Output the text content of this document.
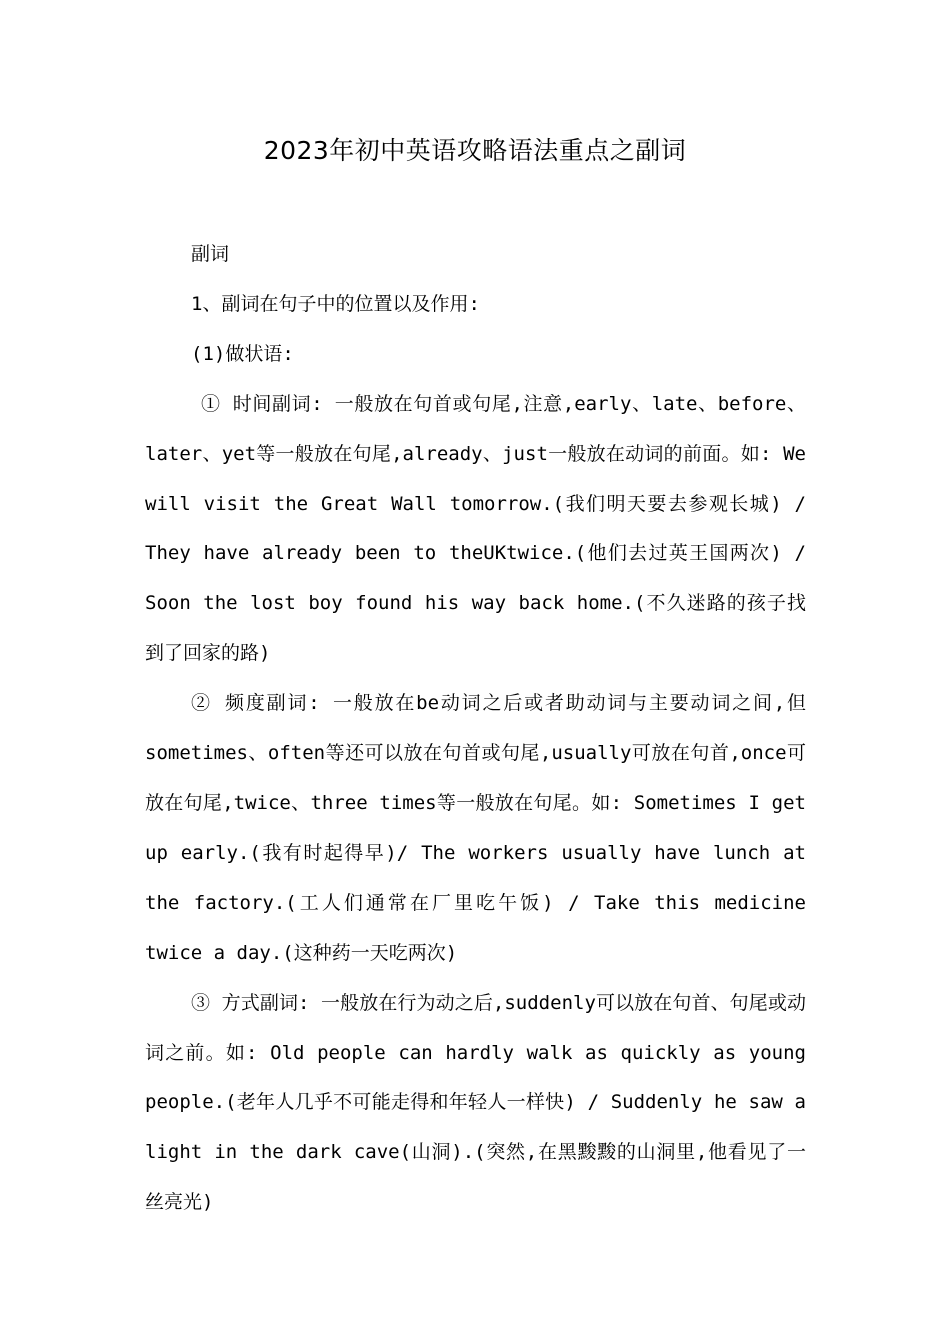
2023年初中英语攻略语法重点之副词

副词

1、副词在句子中的位置以及作用:

(1)做状语:

① 时间副词: 一般放在句首或句尾,注意,early、late、before、later、yet等一般放在句尾,already、just一般放在动词的前面。如: We will visit the Great Wall tomorrow.(我们明天要去参观长城) / They have already been to theUKtwice.(他们去过英王国两次) / Soon the lost boy found his way back home.(不久迷路的孩子找到了回家的路)

② 频度副词: 一般放在be动词之后或者助动词与主要动词之间,但sometimes、often等还可以放在句首或句尾,usually可放在句首,once可放在句尾,twice、three times等一般放在句尾。如: Sometimes I get up early.(我有时起得早)/ The workers usually have lunch at the factory.(工人们通常在厂里吃午饭) / Take this medicine twice a day.(这种药一天吃两次)

③ 方式副词: 一般放在行为动之后,suddenly可以放在句首、句尾或动词之前。如: Old people can hardly walk as quickly as young people.(老年人几乎不可能走得和年轻人一样快) / Suddenly he saw a light in the dark cave(山洞).(突然,在黑黢黢的山洞里,他看见了一丝亮光)
